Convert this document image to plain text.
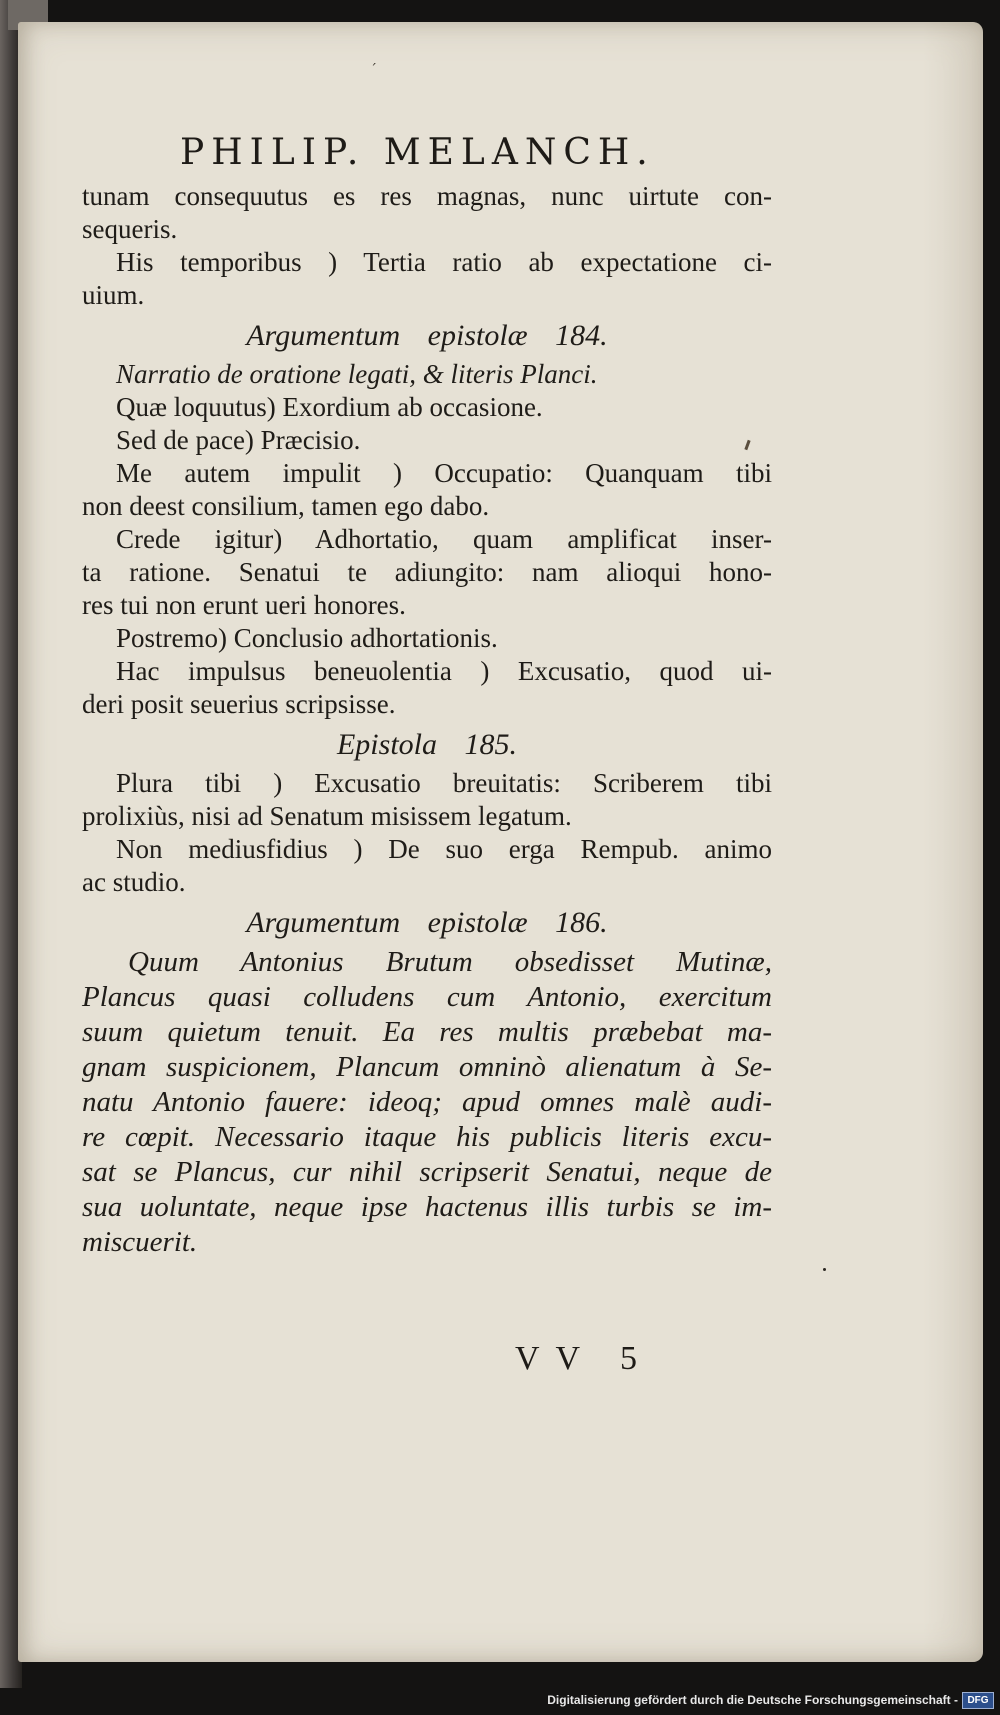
´
PHILIP. MELANCH.
tunam consequutus es res magnas, nunc uirtute con-
sequeris.
His temporibus ) Tertia ratio ab expectatione ci-
uium.
Argumentum epistolæ 184.
Narratio de oratione legati, & literis Planci.
Quæ loquutus) Exordium ab occasione.
Sed de pace) Præcisio.
Me autem impulit ) Occupatio: Quanquam tibi
non deest consilium, tamen ego dabo.
Crede igitur) Adhortatio, quam amplificat inser-
ta ratione. Senatui te adiungito: nam alioqui hono-
res tui non erunt ueri honores.
Postremo) Conclusio adhortationis.
Hac impulsus beneuolentia ) Excusatio, quod ui-
deri posit seuerius scripsisse.
Epistola 185.
Plura tibi ) Excusatio breuitatis: Scriberem tibi
prolixiùs, nisi ad Senatum misissem legatum.
Non mediusfidius ) De suo erga Rempub. animo
ac studio.
Argumentum epistolæ 186.
Quum Antonius Brutum obsedisset Mutinæ,
Plancus quasi colludens cum Antonio, exercitum
suum quietum tenuit. Ea res multis præbebat ma-
gnam suspicionem, Plancum omninò alienatum à Se-
natu Antonio fauere: ideoq; apud omnes malè audi-
re cœpit. Necessario itaque his publicis literis excu-
sat se Plancus, cur nihil scripserit Senatui, neque de
sua uoluntate, neque ipse hactenus illis turbis se im-
miscuerit.
VV 5
Digitalisierung gefördert durch die Deutsche Forschungsgemeinschaft - DFG
